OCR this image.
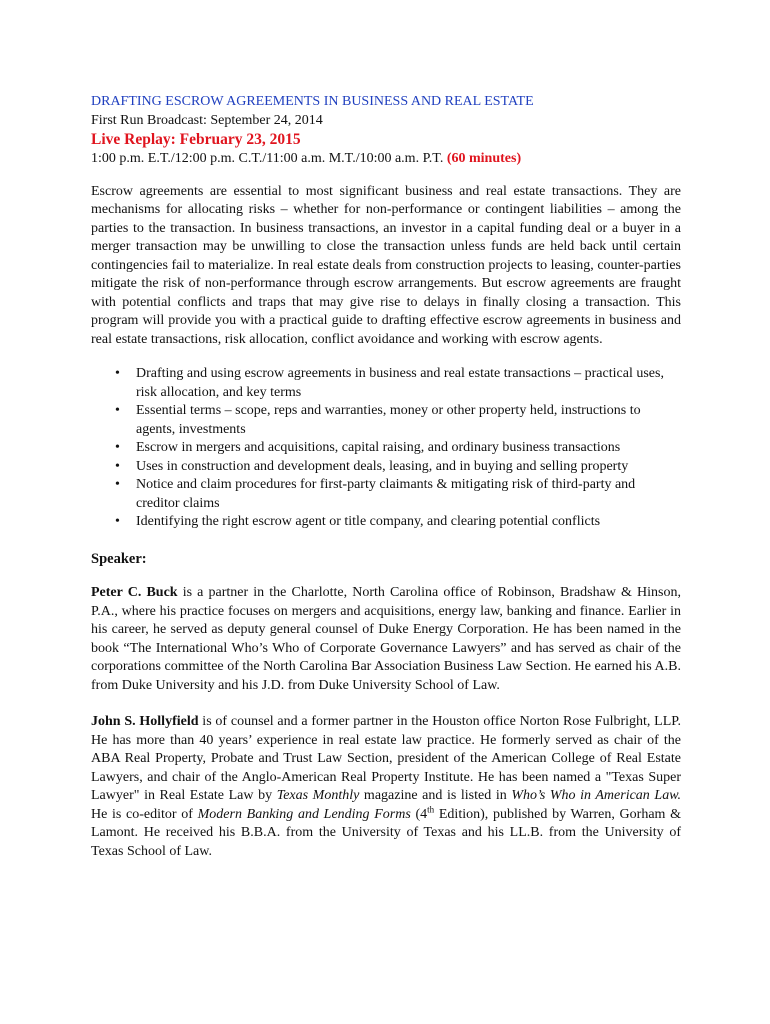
DRAFTING ESCROW AGREEMENTS IN BUSINESS AND REAL ESTATE

First Run Broadcast: September 24, 2014

Live Replay: February 23, 2015

1:00 p.m. E.T./12:00 p.m. C.T./11:00 a.m. M.T./10:00 a.m. P.T. (60 minutes)

Escrow agreements are essential to most significant business and real estate transactions. They are mechanisms for allocating risks – whether for non-performance or contingent liabilities – among the parties to the transaction. In business transactions, an investor in a capital funding deal or a buyer in a merger transaction may be unwilling to close the transaction unless funds are held back until certain contingencies fail to materialize. In real estate deals from construction projects to leasing, counter-parties mitigate the risk of non-performance through escrow arrangements. But escrow agreements are fraught with potential conflicts and traps that may give rise to delays in finally closing a transaction. This program will provide you with a practical guide to drafting effective escrow agreements in business and real estate transactions, risk allocation, conflict avoidance and working with escrow agents.

• Drafting and using escrow agreements in business and real estate transactions – practical uses, risk allocation, and key terms
• Essential terms – scope, reps and warranties, money or other property held, instructions to agents, investments
• Escrow in mergers and acquisitions, capital raising, and ordinary business transactions
• Uses in construction and development deals, leasing, and in buying and selling property
• Notice and claim procedures for first-party claimants & mitigating risk of third-party and creditor claims
• Identifying the right escrow agent or title company, and clearing potential conflicts

Speaker:

Peter C. Buck is a partner in the Charlotte, North Carolina office of Robinson, Bradshaw & Hinson, P.A., where his practice focuses on mergers and acquisitions, energy law, banking and finance. Earlier in his career, he served as deputy general counsel of Duke Energy Corporation. He has been named in the book “The International Who’s Who of Corporate Governance Lawyers” and has served as chair of the corporations committee of the North Carolina Bar Association Business Law Section. He earned his A.B. from Duke University and his J.D. from Duke University School of Law.

John S. Hollyfield is of counsel and a former partner in the Houston office Norton Rose Fulbright, LLP. He has more than 40 years’ experience in real estate law practice. He formerly served as chair of the ABA Real Property, Probate and Trust Law Section, president of the American College of Real Estate Lawyers, and chair of the Anglo-American Real Property Institute. He has been named a "Texas Super Lawyer" in Real Estate Law by Texas Monthly magazine and is listed in Who’s Who in American Law. He is co-editor of Modern Banking and Lending Forms (4th Edition), published by Warren, Gorham & Lamont. He received his B.B.A. from the University of Texas and his LL.B. from the University of Texas School of Law.
